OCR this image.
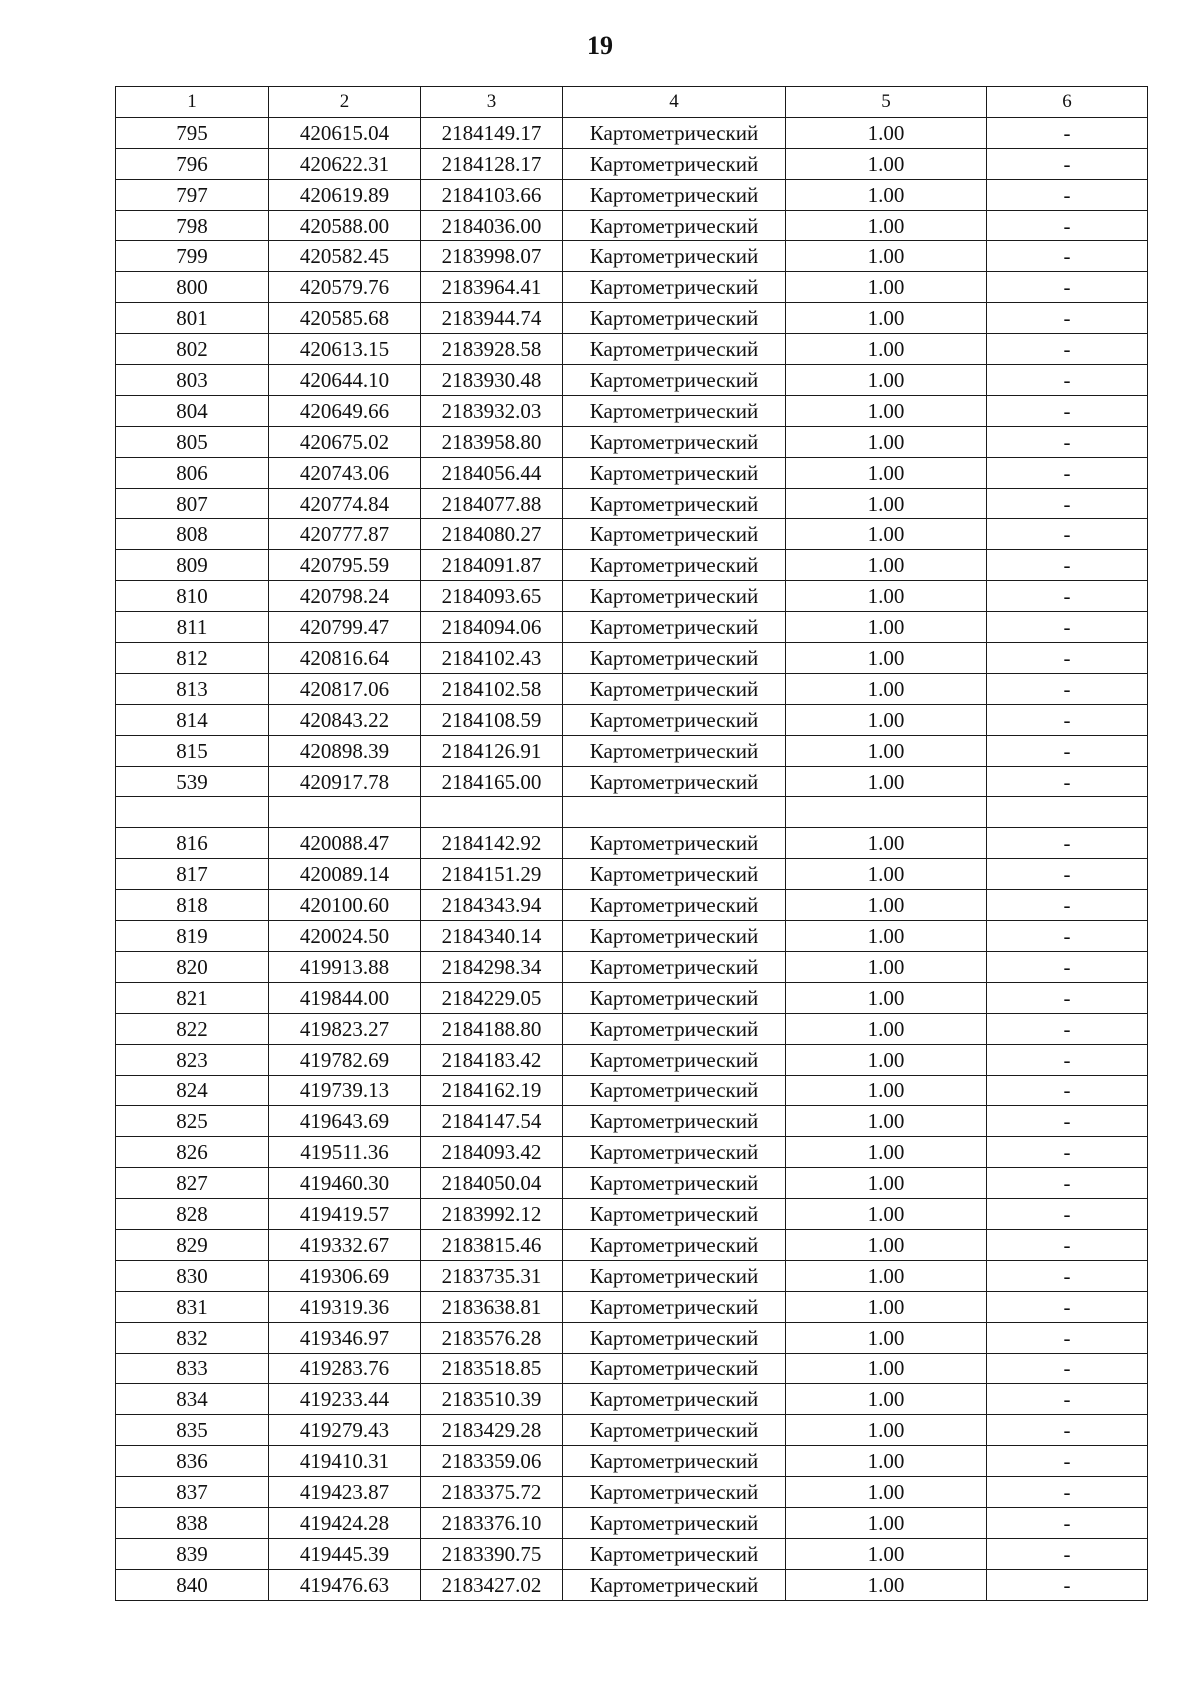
19
1	2	3	4	5	6
795	420615.04	2184149.17	Картометрический	1.00	-
796	420622.31	2184128.17	Картометрический	1.00	-
797	420619.89	2184103.66	Картометрический	1.00	-
798	420588.00	2184036.00	Картометрический	1.00	-
799	420582.45	2183998.07	Картометрический	1.00	-
800	420579.76	2183964.41	Картометрический	1.00	-
801	420585.68	2183944.74	Картометрический	1.00	-
802	420613.15	2183928.58	Картометрический	1.00	-
803	420644.10	2183930.48	Картометрический	1.00	-
804	420649.66	2183932.03	Картометрический	1.00	-
805	420675.02	2183958.80	Картометрический	1.00	-
806	420743.06	2184056.44	Картометрический	1.00	-
807	420774.84	2184077.88	Картометрический	1.00	-
808	420777.87	2184080.27	Картометрический	1.00	-
809	420795.59	2184091.87	Картометрический	1.00	-
810	420798.24	2184093.65	Картометрический	1.00	-
811	420799.47	2184094.06	Картометрический	1.00	-
812	420816.64	2184102.43	Картометрический	1.00	-
813	420817.06	2184102.58	Картометрический	1.00	-
814	420843.22	2184108.59	Картометрический	1.00	-
815	420898.39	2184126.91	Картометрический	1.00	-
539	420917.78	2184165.00	Картометрический	1.00	-

816	420088.47	2184142.92	Картометрический	1.00	-
817	420089.14	2184151.29	Картометрический	1.00	-
818	420100.60	2184343.94	Картометрический	1.00	-
819	420024.50	2184340.14	Картометрический	1.00	-
820	419913.88	2184298.34	Картометрический	1.00	-
821	419844.00	2184229.05	Картометрический	1.00	-
822	419823.27	2184188.80	Картометрический	1.00	-
823	419782.69	2184183.42	Картометрический	1.00	-
824	419739.13	2184162.19	Картометрический	1.00	-
825	419643.69	2184147.54	Картометрический	1.00	-
826	419511.36	2184093.42	Картометрический	1.00	-
827	419460.30	2184050.04	Картометрический	1.00	-
828	419419.57	2183992.12	Картометрический	1.00	-
829	419332.67	2183815.46	Картометрический	1.00	-
830	419306.69	2183735.31	Картометрический	1.00	-
831	419319.36	2183638.81	Картометрический	1.00	-
832	419346.97	2183576.28	Картометрический	1.00	-
833	419283.76	2183518.85	Картометрический	1.00	-
834	419233.44	2183510.39	Картометрический	1.00	-
835	419279.43	2183429.28	Картометрический	1.00	-
836	419410.31	2183359.06	Картометрический	1.00	-
837	419423.87	2183375.72	Картометрический	1.00	-
838	419424.28	2183376.10	Картометрический	1.00	-
839	419445.39	2183390.75	Картометрический	1.00	-
840	419476.63	2183427.02	Картометрический	1.00	-
